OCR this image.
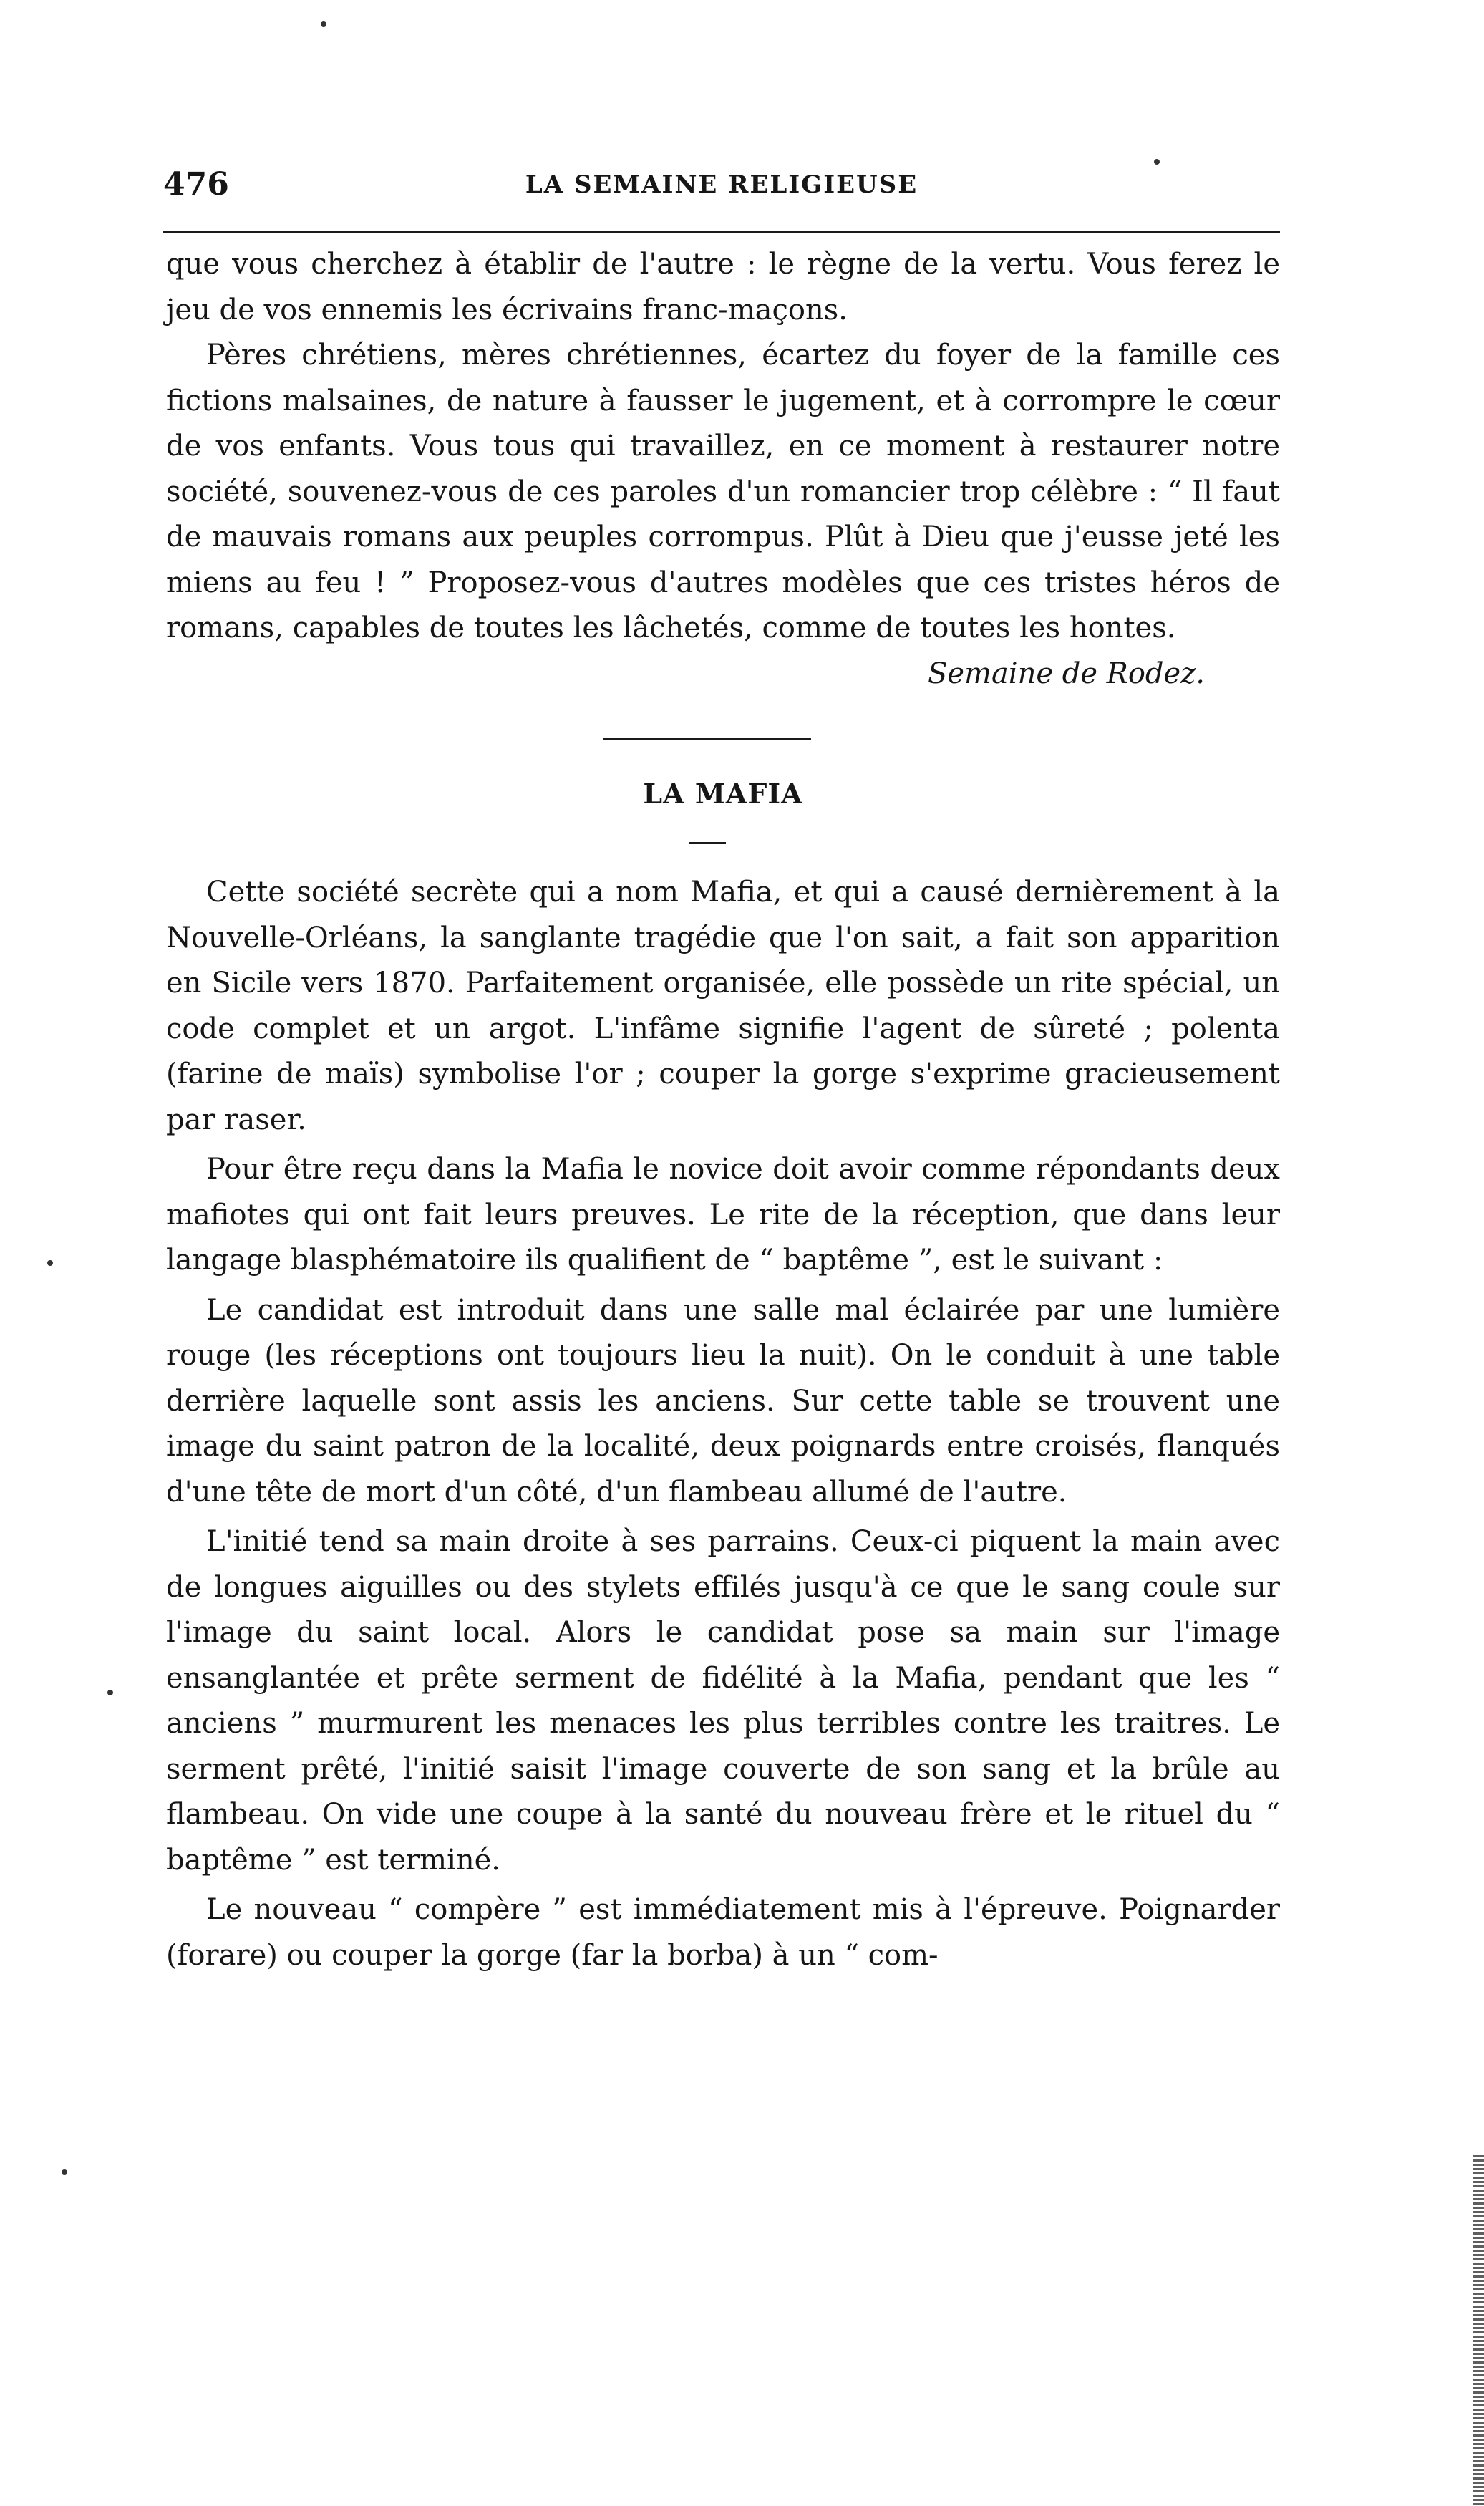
476	LA SEMAINE RELIGIEUSE

que vous cherchez à établir de l'autre : le règne de la vertu. Vous ferez le jeu de vos ennemis les écrivains franc-maçons.

Pères chrétiens, mères chrétiennes, écartez du foyer de la famille ces fictions malsaines, de nature à fausser le jugement, et à corrompre le cœur de vos enfants. Vous tous qui travaillez, en ce moment à restaurer notre société, souvenez-vous de ces paroles d'un romancier trop célèbre : “ Il faut de mauvais romans aux peuples corrompus. Plût à Dieu que j'eusse jeté les miens au feu ! ” Proposez-vous d'autres modèles que ces tristes héros de romans, capables de toutes les lâchetés, comme de toutes les hontes.

Semaine de Rodez.

LA MAFIA

Cette société secrète qui a nom Mafia, et qui a causé dernièrement à la Nouvelle-Orléans, la sanglante tragédie que l'on sait, a fait son apparition en Sicile vers 1870. Parfaitement organisée, elle possède un rite spécial, un code complet et un argot. L'infâme signifie l'agent de sûreté ; polenta (farine de maïs) symbolise l'or ; couper la gorge s'exprime gracieusement par raser.

Pour être reçu dans la Mafia le novice doit avoir comme répondants deux mafiotes qui ont fait leurs preuves. Le rite de la réception, que dans leur langage blasphématoire ils qualifient de “ baptême ”, est le suivant :

Le candidat est introduit dans une salle mal éclairée par une lumière rouge (les réceptions ont toujours lieu la nuit). On le conduit à une table derrière laquelle sont assis les anciens. Sur cette table se trouvent une image du saint patron de la localité, deux poignards entre croisés, flanqués d'une tête de mort d'un côté, d'un flambeau allumé de l'autre.

L'initié tend sa main droite à ses parrains. Ceux-ci piquent la main avec de longues aiguilles ou des stylets effilés jusqu'à ce que le sang coule sur l'image du saint local. Alors le candidat pose sa main sur l'image ensanglantée et prête serment de fidélité à la Mafia, pendant que les “ anciens ” murmurent les menaces les plus terribles contre les traitres. Le serment prêté, l'initié saisit l'image couverte de son sang et la brûle au flambeau. On vide une coupe à la santé du nouveau frère et le rituel du “ baptême ” est terminé.

Le nouveau “ compère ” est immédiatement mis à l'épreuve. Poignarder (forare) ou couper la gorge (far la borba) à un “ com-
